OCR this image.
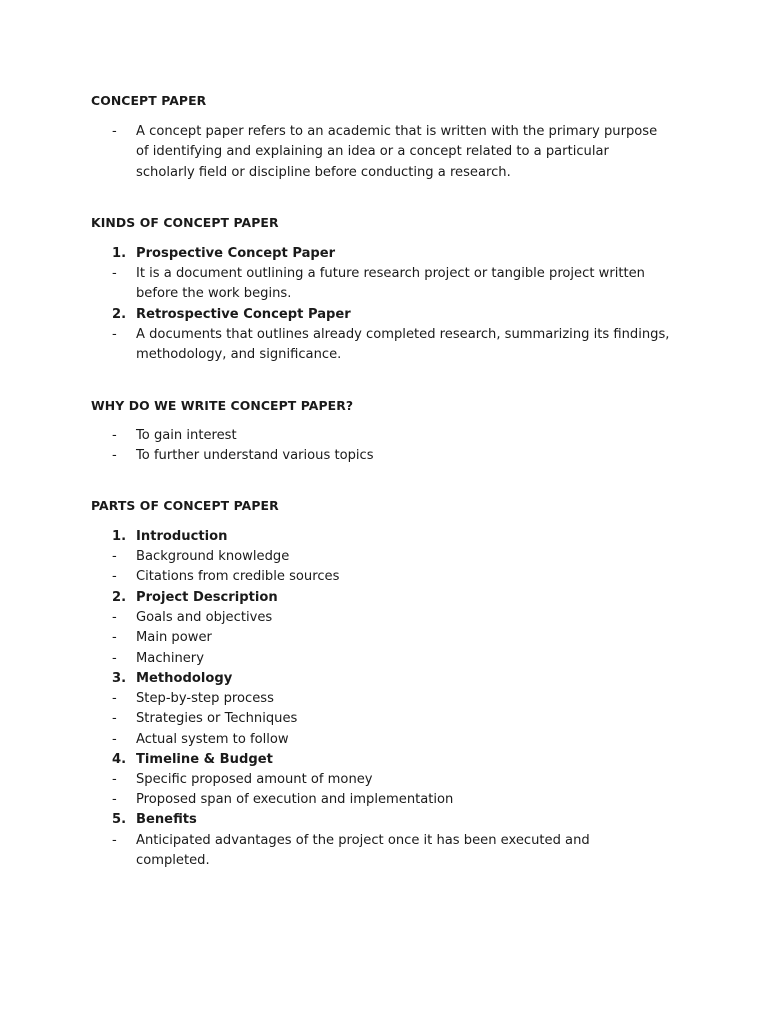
CONCEPT PAPER
- A concept paper refers to an academic that is written with the primary purpose
of identifying and explaining an idea or a concept related to a particular
scholarly field or discipline before conducting a research.
KINDS OF CONCEPT PAPER
1. Prospective Concept Paper
- It is a document outlining a future research project or tangible project written
before the work begins.
2. Retrospective Concept Paper
- A documents that outlines already completed research, summarizing its findings,
methodology, and significance.
WHY DO WE WRITE CONCEPT PAPER?
- To gain interest
- To further understand various topics
PARTS OF CONCEPT PAPER
1. Introduction
- Background knowledge
- Citations from credible sources
2. Project Description
- Goals and objectives
- Main power
- Machinery
3. Methodology
- Step-by-step process
- Strategies or Techniques
- Actual system to follow
4. Timeline & Budget
- Specific proposed amount of money
- Proposed span of execution and implementation
5. Benefits
- Anticipated advantages of the project once it has been executed and
completed.
